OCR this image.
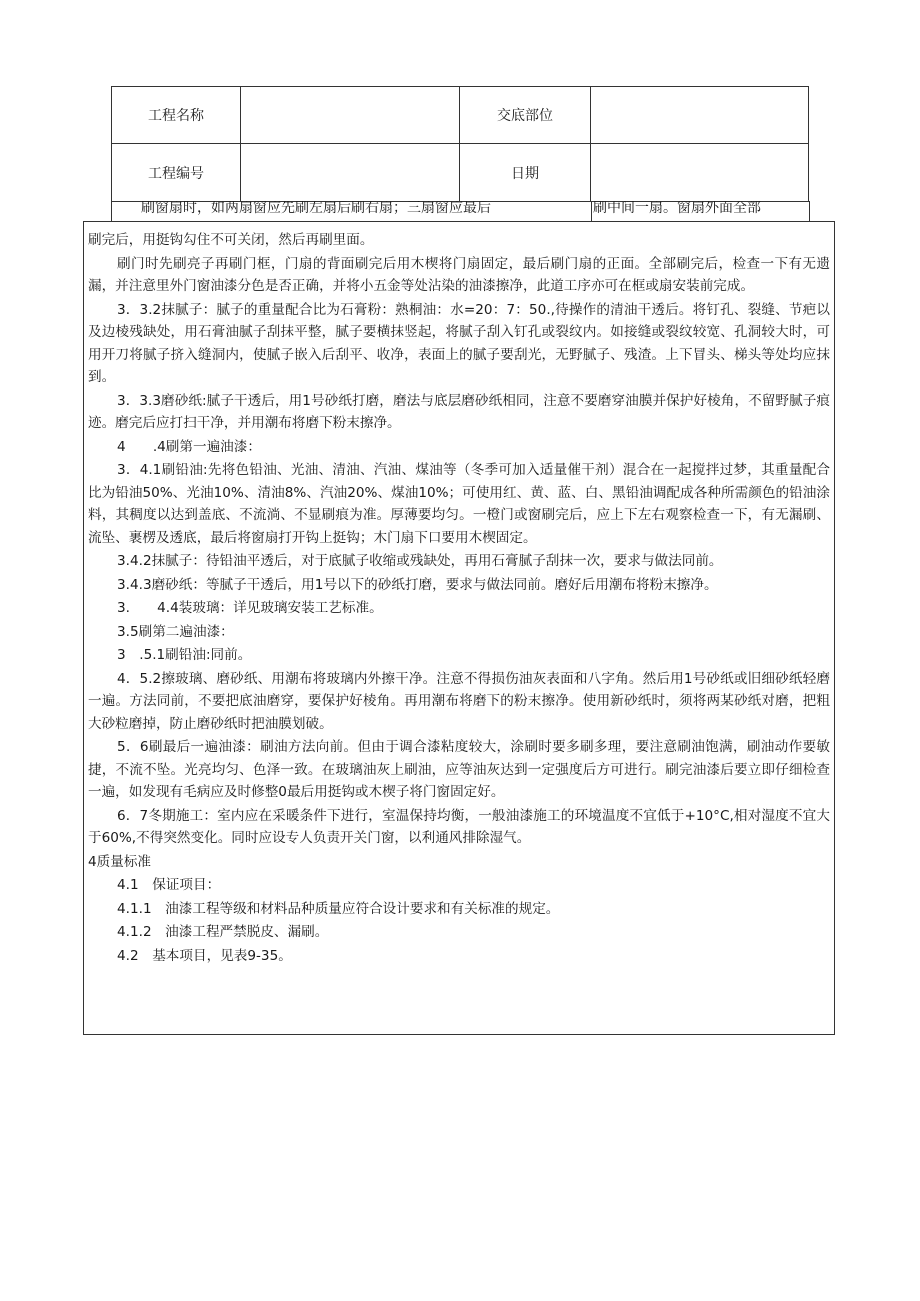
工程名称		交底部位	
工程编号		日期	
刷窗扇时，如两扇窗应先刷左扇后刷右扇；三扇窗应最后	刷中间一扇。窗扇外面全部

刷完后，用挺钩勾住不可关闭，然后再刷里面。

刷门时先刷亮子再刷门框，门扇的背面刷完后用木楔将门扇固定，最后刷门扇的正面。全部刷完后，检查一下有无遗漏，并注意里外门窗油漆分色是否正确，并将小五金等处沾染的油漆擦净，此道工序亦可在框或扇安装前完成。

3．3.2抹腻子：腻子的重量配合比为石膏粉：熟桐油：水=20：7：50.,待操作的清油干透后。将钉孔、裂缝、节疤以及边棱残缺处，用石膏油腻子刮抹平整，腻子要横抹竖起，将腻子刮入钉孔或裂纹内。如接缝或裂纹较宽、孔洞较大时，可用开刀将腻子挤入缝洞内，使腻子嵌入后刮平、收净，表面上的腻子要刮光，无野腻子、残渣。上下冒头、梯头等处均应抹到。

3．3.3磨砂纸:腻子干透后，用1号砂纸打磨，磨法与底层磨砂纸相同，注意不要磨穿油膜并保护好棱角，不留野腻子痕迹。磨完后应打扫干净，并用潮布将磨下粉末擦净。

4　　.4刷第一遍油漆：

3．4.1刷铅油:先将色铅油、光油、清油、汽油、煤油等（冬季可加入适量催干剂）混合在一起搅拌过梦，其重量配合比为铅油50%、光油10%、清油8%、汽油20%、煤油10%；可使用红、黄、蓝、白、黑铅油调配成各种所需颜色的铅油涂料，其稠度以达到盖底、不流淌、不显刷痕为准。厚薄要均匀。一橙门或窗刷完后，应上下左右观察检查一下，有无漏刷、流坠、裹楞及透底，最后将窗扇打开钩上挺钩；木门扇下口要用木楔固定。

3.4.2抹腻子：待铅油平透后，对于底腻子收缩或残缺处，再用石膏腻子刮抹一次，要求与做法同前。

3.4.3磨砂纸：等腻子干透后，用1号以下的砂纸打磨，要求与做法同前。磨好后用潮布将粉末擦净。

3.　　4.4装玻璃：详见玻璃安装工艺标准。

3.5刷第二遍油漆：

3　.5.1刷铅油:同前。

4．5.2擦玻璃、磨砂纸、用潮布将玻璃内外擦干净。注意不得损伤油灰表面和八字角。然后用1号砂纸或旧细砂纸轻磨一遍。方法同前，不要把底油磨穿，要保护好棱角。再用潮布将磨下的粉末擦净。使用新砂纸时，须将两某砂纸对磨，把粗大砂粒磨掉，防止磨砂纸时把油膜划破。

5．6刷最后一遍油漆：刷油方法向前。但由于调合漆粘度较大，涂刷时要多刷多理，要注意刷油饱满，刷油动作要敏捷，不流不坠。光亮均匀、色泽一致。在玻璃油灰上刷油，应等油灰达到一定强度后方可进行。刷完油漆后要立即仔细检查一遍，如发现有毛病应及时修整0最后用挺钩或木楔子将门窗固定好。

6．7冬期施工：室内应在采暖条件下进行，室温保持均衡，一般油漆施工的环境温度不宜低于+10°C,相对湿度不宜大于60%,不得突然变化。同时应设专人负责开关门窗，以利通风排除湿气。

4质量标准

4.1　保证项目：

4.1.1　油漆工程等级和材料品种质量应符合设计要求和有关标准的规定。

4.1.2　油漆工程严禁脱皮、漏刷。

4.2　基本项目，见表9-35。
